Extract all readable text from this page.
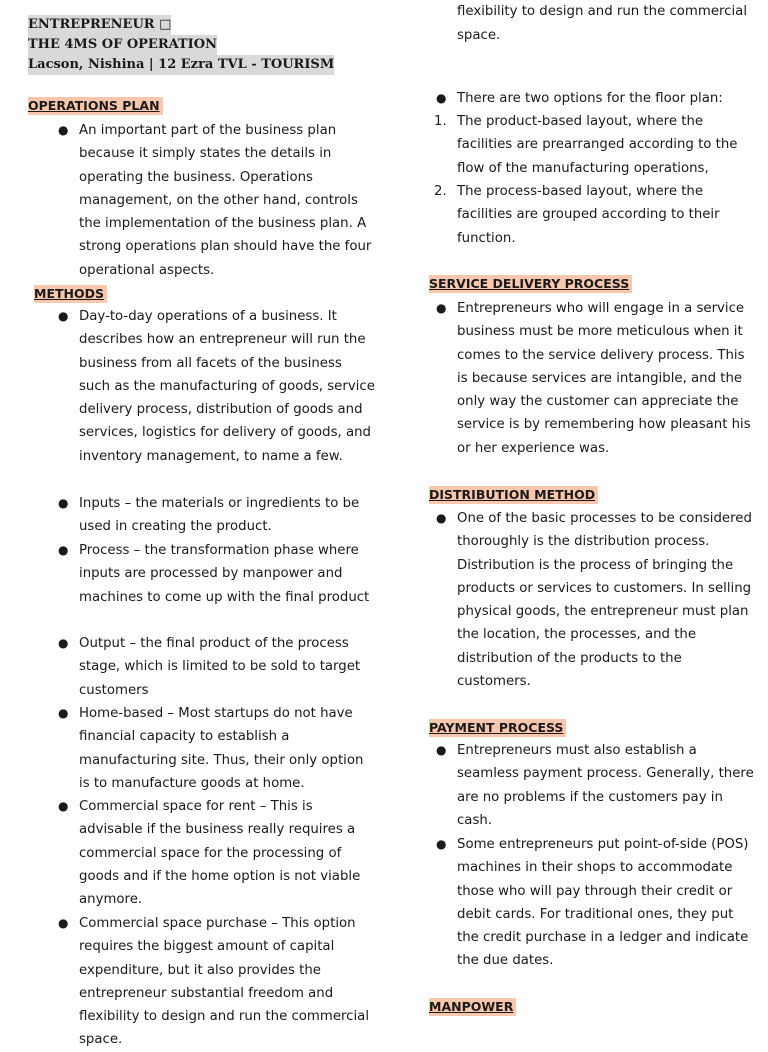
ENTREPRENEUR □
THE 4MS OF OPERATION
Lacson, Nishina | 12 Ezra TVL - TOURISM
OPERATIONS PLAN
● An important part of the business plan because it simply states the details in operating the business. Operations management, on the other hand, controls the implementation of the business plan. A strong operations plan should have the four operational aspects.
METHODS
● Day-to-day operations of a business. It describes how an entrepreneur will run the business from all facets of the business such as the manufacturing of goods, service delivery process, distribution of goods and services, logistics for delivery of goods, and inventory management, to name a few.
● Inputs – the materials or ingredients to be used in creating the product.
● Process – the transformation phase where inputs are processed by manpower and machines to come up with the final product
● Output – the final product of the process stage, which is limited to be sold to target customers
● Home-based – Most startups do not have financial capacity to establish a manufacturing site. Thus, their only option is to manufacture goods at home.
● Commercial space for rent – This is advisable if the business really requires a commercial space for the processing of goods and if the home option is not viable anymore.
● Commercial space purchase – This option requires the biggest amount of capital expenditure, but it also provides the entrepreneur substantial freedom and flexibility to design and run the commercial space.
flexibility to design and run the commercial space.
● There are two options for the floor plan:
1. The product-based layout, where the facilities are prearranged according to the flow of the manufacturing operations,
2. The process-based layout, where the facilities are grouped according to their function.
SERVICE DELIVERY PROCESS
● Entrepreneurs who will engage in a service business must be more meticulous when it comes to the service delivery process. This is because services are intangible, and the only way the customer can appreciate the service is by remembering how pleasant his or her experience was.
DISTRIBUTION METHOD
● One of the basic processes to be considered thoroughly is the distribution process. Distribution is the process of bringing the products or services to customers. In selling physical goods, the entrepreneur must plan the location, the processes, and the distribution of the products to the customers.
PAYMENT PROCESS
● Entrepreneurs must also establish a seamless payment process. Generally, there are no problems if the customers pay in cash.
● Some entrepreneurs put point-of-side (POS) machines in their shops to accommodate those who will pay through their credit or debit cards. For traditional ones, they put the credit purchase in a ledger and indicate the due dates.
MANPOWER
